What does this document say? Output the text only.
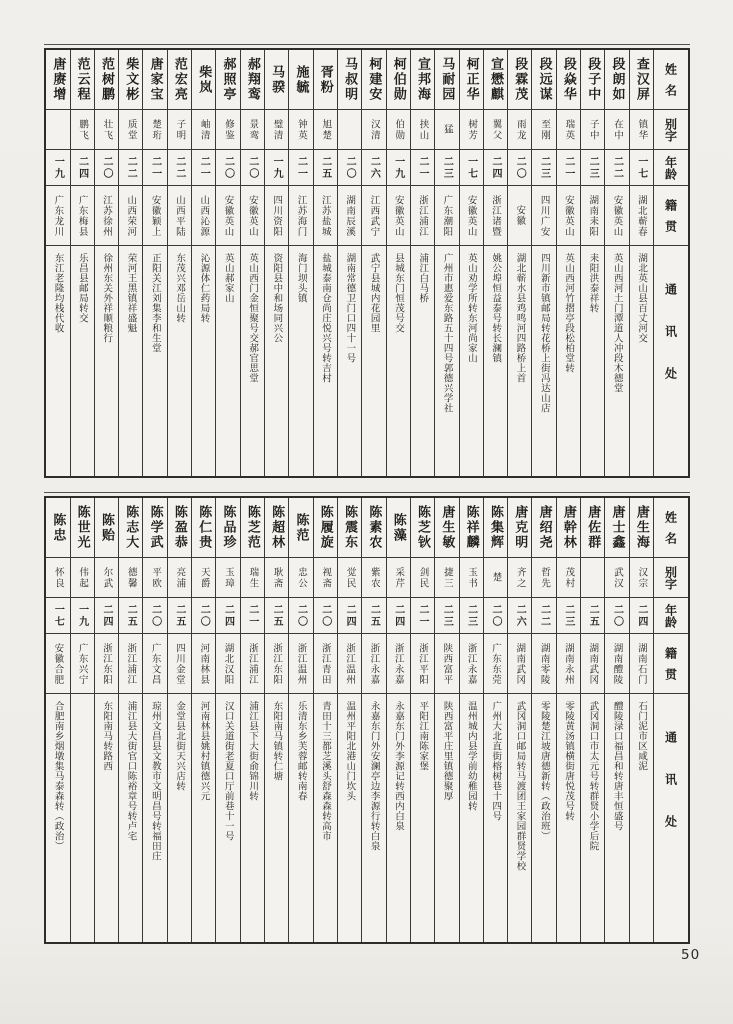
姓名
别字
年龄
籍贯
通讯处
查汉屏
镇华
一七
湖北蕲春
湖北英山县百丈河交
段朗如
在中
二二
安徽英山
英山西河土门潭道人冲段木德堂
段子中
子中
二三
湖南耒阳
耒阳洪泰祥转
段焱华
瑞英
二一
安徽英山
英山西河竹摺亭段松柏堂转
段远谋
至刚
二三
四川广安
四川新市镇邮局转花桥上街冯达山店
段霖茂
雨龙
二〇
安徽
湖北蕲水县鸡鸣河四路桥上首
宣懋麒
翼父
二四
浙江诸暨
姚公埠恒益泰号转长澜镇
柯正华
树芳
一七
安徽英山
英山劝学所转东河尚家山
马耐园
猛
二三
广东潮阳
广州市惠爱东路五十四号郭德兴学社
宣邦海
挟山
二一
浙江浦江
浦江白马桥
柯伯勋
伯勋
一九
安徽英山
县城东门恒茂号交
柯建安
汉清
二六
江西武宁
武宁县城内花园里
马叔明
二〇
湖南辰溪
湖南常德卫门口四十一号
胥粉
旭楚
二五
江苏盐城
盐城泰南仓尚庄悦兴号转吉村
施毓
钟英
二一
江苏海门
海门坝头镇
马骙
璧清
一九
四川资阳
资阳县中和场同兴公
郝翔鸾
景鸾
二〇
安徽英山
英山西门金恒聚号交郝官思堂
郝照亭
修鉴
二〇
安徽英山
英山郝家山
柴岚
岫清
二一
山西沁源
沁源体仁药局转
范宏亮
子明
二二
山西平陆
东茂兴邓岳山转
唐家宝
楚珩
二一
安徽颖上
正阳关江刘集李和生堂
柴文彬
质堂
二二
山西荣河
荣河王黑镇祥盛魁
范树鹏
壮飞
二〇
江苏徐州
徐州东关外祥顺粮行
范云程
鹏飞
二四
广东梅县
乐昌县邮局转交
唐赓增
一九
广东龙川
东江老隆均栈代收
姓名
别字
年龄
籍贯
通讯处
唐生海
汉宗
二四
湖南石门
石门泥市区咸泥
唐士鑫
武汉
二〇
湖南醴陵
醴陵渌口福昌和转唐丰恒盛号
唐佐群
二五
湖南武冈
武冈洞口市太元号转群贤小学后院
唐幹林
茂村
二三
湖南永州
零陵黄汤镇横街唐悦茂号转
唐绍尧
哲先
二二
湖南零陵
零陵楚江坡唐德新转（政治班）
唐克明
齐之
二六
湖南武冈
武冈洞口邮局转马渡团王家园群贤学校
陈集辉
楚
二〇
广东东莞
广州大北直街榕树巷十四号
陈祥麟
玉书
二三
浙江永嘉
温州城内县学前幼稚园转
唐生敏
捷三
二三
陕西富平
陕西富平庄里镇德聚厚
陈芝钬
剑民
二一
浙江平阳
平阳江南陈家堡
陈藻
采芹
二四
浙江永嘉
永嘉东门外李源记转西内白泉
陈素农
紫农
二五
浙江永嘉
永嘉东门外安澜亭边李源行转白泉
陈震东
觉民
二四
浙江温州
温州平阳北港山门坎头
陈履旋
视斋
二〇
浙江青田
青田十三都芝溪头舒森森转高市
陈范
忠公
二〇
浙江温州
乐清东乡芙蓉邮转南春
陈超林
耿斋
二五
浙江东阳
东阳南马镇转仁塘
陈芝范
瑞生
二一
浙江浦江
浦江县下大街俞锦川转
陈品珍
玉璋
二四
湖北汉阳
汉口关道街老夏口厅前巷十一号
陈仁贵
天爵
二〇
河南林县
河南林县姚村镇德兴元
陈盈恭
亮浦
二五
四川金堂
金堂县北街天兴店转
陈学武
平欧
二〇
广东文昌
琼州文昌县文教市文明昌号转福田庄
陈志大
德馨
二五
浙江浦江
浦江县大街官口陈裕章号转卢宅
陈贻
尔武
二四
浙江东阳
东阳南马转路西
陈世光
伟起
一九
广东兴宁
陈忠
怀良
一七
安徽合肥
合肥南乡烟墩集马泰森转（政治）
50
